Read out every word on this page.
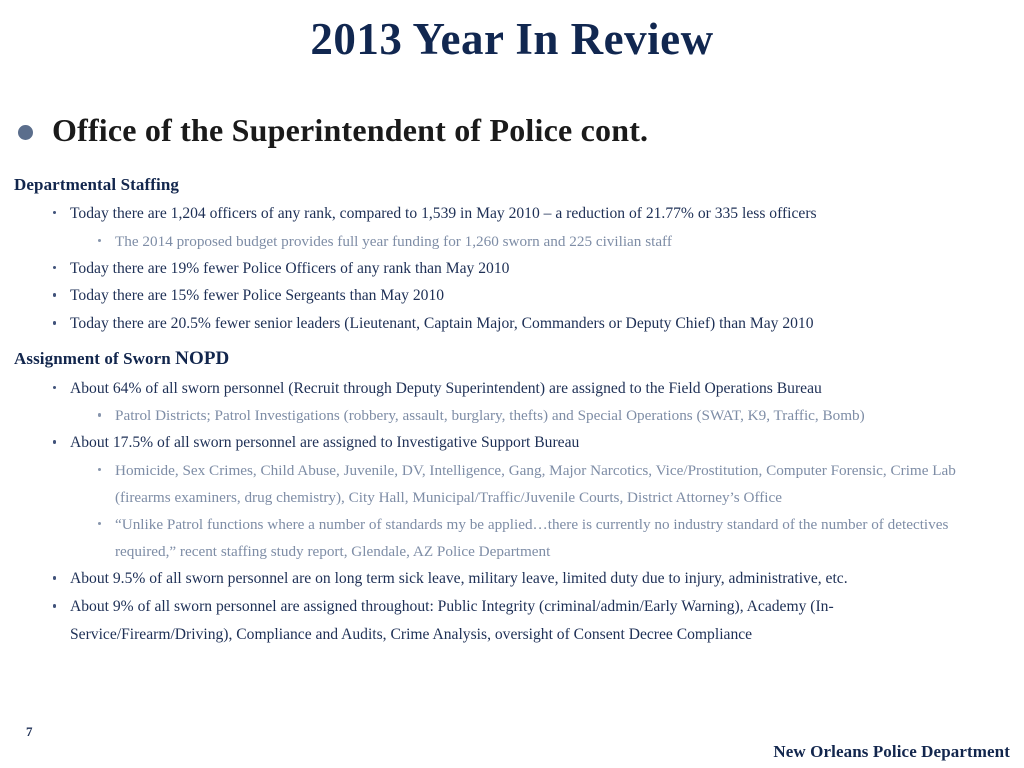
2013 Year In Review
Office of the Superintendent of Police cont.
Departmental Staffing
Today there are 1,204 officers of any rank, compared to 1,539 in May 2010 – a reduction of 21.77% or 335 less officers
The 2014 proposed budget provides full year funding for 1,260 sworn and 225 civilian staff
Today there are 19% fewer Police Officers of any rank than May 2010
Today there are 15% fewer Police Sergeants than May 2010
Today there are 20.5% fewer senior leaders (Lieutenant, Captain Major, Commanders or Deputy Chief) than May 2010
Assignment of Sworn NOPD
About 64% of all sworn personnel (Recruit through Deputy Superintendent) are assigned to the Field Operations Bureau
Patrol Districts; Patrol Investigations (robbery, assault, burglary, thefts) and Special Operations (SWAT, K9, Traffic, Bomb)
About 17.5% of all sworn personnel are assigned to Investigative Support Bureau
Homicide, Sex Crimes, Child Abuse, Juvenile, DV, Intelligence, Gang, Major Narcotics, Vice/Prostitution, Computer Forensic, Crime Lab (firearms examiners, drug chemistry), City Hall, Municipal/Traffic/Juvenile Courts, District Attorney’s Office
“Unlike Patrol functions where a number of standards my be applied…there is currently no industry standard of the number of detectives required,” recent staffing study report, Glendale, AZ Police Department
About 9.5% of all sworn personnel are on long term sick leave, military leave, limited duty due to injury, administrative, etc.
About 9% of all sworn personnel are assigned throughout: Public Integrity (criminal/admin/Early Warning), Academy (In-Service/Firearm/Driving), Compliance and Audits, Crime Analysis, oversight of Consent Decree Compliance
7
New Orleans Police Department
